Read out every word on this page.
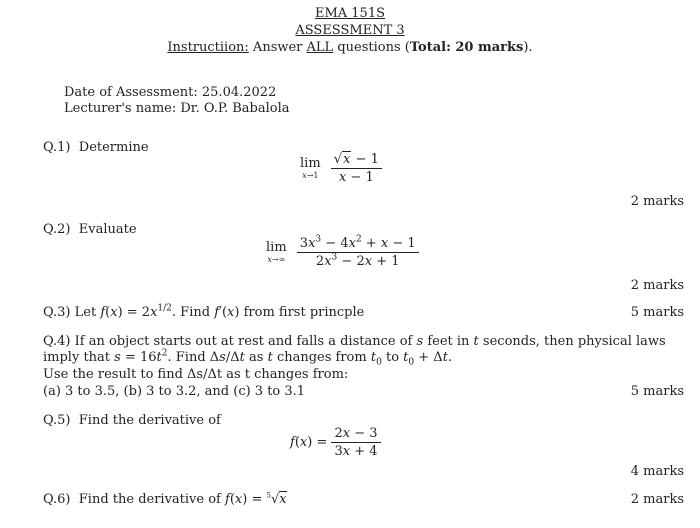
EMA 151S
ASSESSMENT 3
Instructiion: Answer ALL questions (Total: 20 marks).
Date of Assessment: 25.04.2022
Lecturer's name: Dr. O.P. Babalola
Q.1) Determine
lim
x→1
$\frac{√x - 1}{x - 1}$
2 marks
Q.2) Evaluate
lim
x→∞
$\frac{3x^3 - 4x^2 + x - 1}{2x^3 - 2x + 1}$
2 marks
Q.3) Let $f(x) = 2x^{1/2}$. Find f′(x) from first princple	5 marks
Q.4) If an object starts out at rest and falls a distance of s feet in t seconds, then physical laws
imply that $s = 16t^2$. Find Δs/Δt as t changes from $t_0$ to $t_0 + \Delta t$.
Use the result to find Δs/Δt as t changes from:
(a) 3 to 3.5, (b) 3 to 3.2, and (c) 3 to 3.1	5 marks
Q.5) Find the derivative of
$f(x) = \frac{2x - 3}{3x + 4}$
4 marks
Q.6) Find the derivative of f(x) = $^5$√x	2 marks
